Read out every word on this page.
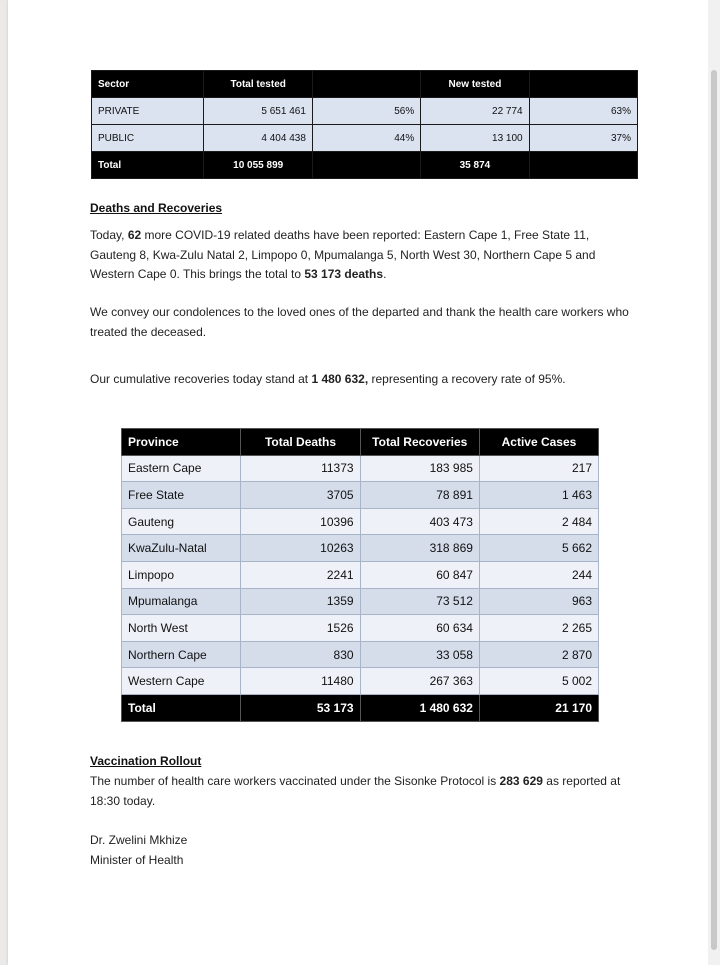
Sector	Total tested		New tested	
PRIVATE	5 651 461	56%	22 774	63%
PUBLIC	4 404 438	44%	13 100	37%
Total	10 055 899		35 874	
Deaths and Recoveries

Today, 62 more COVID-19 related deaths have been reported: Eastern Cape 1, Free State 11, Gauteng 8, Kwa-Zulu Natal 2, Limpopo 0, Mpumalanga 5, North West 30, Northern Cape 5 and Western Cape 0. This brings the total to 53 173 deaths.

We convey our condolences to the loved ones of the departed and thank the health care workers who treated the deceased.

Our cumulative recoveries today stand at 1 480 632, representing a recovery rate of 95%.

Province	Total Deaths	Total Recoveries	Active Cases
Eastern Cape	11373	183 985	217
Free State	3705	78 891	1 463
Gauteng	10396	403 473	2 484
KwaZulu-Natal	10263	318 869	5 662
Limpopo	2241	60 847	244
Mpumalanga	1359	73 512	963
North West	1526	60 634	2 265
Northern Cape	830	33 058	2 870
Western Cape	11480	267 363	5 002
Total	53 173	1 480 632	21 170
Vaccination Rollout

The number of health care workers vaccinated under the Sisonke Protocol is 283 629 as reported at 18:30 today.

Dr. Zwelini Mkhize
Minister of Health
